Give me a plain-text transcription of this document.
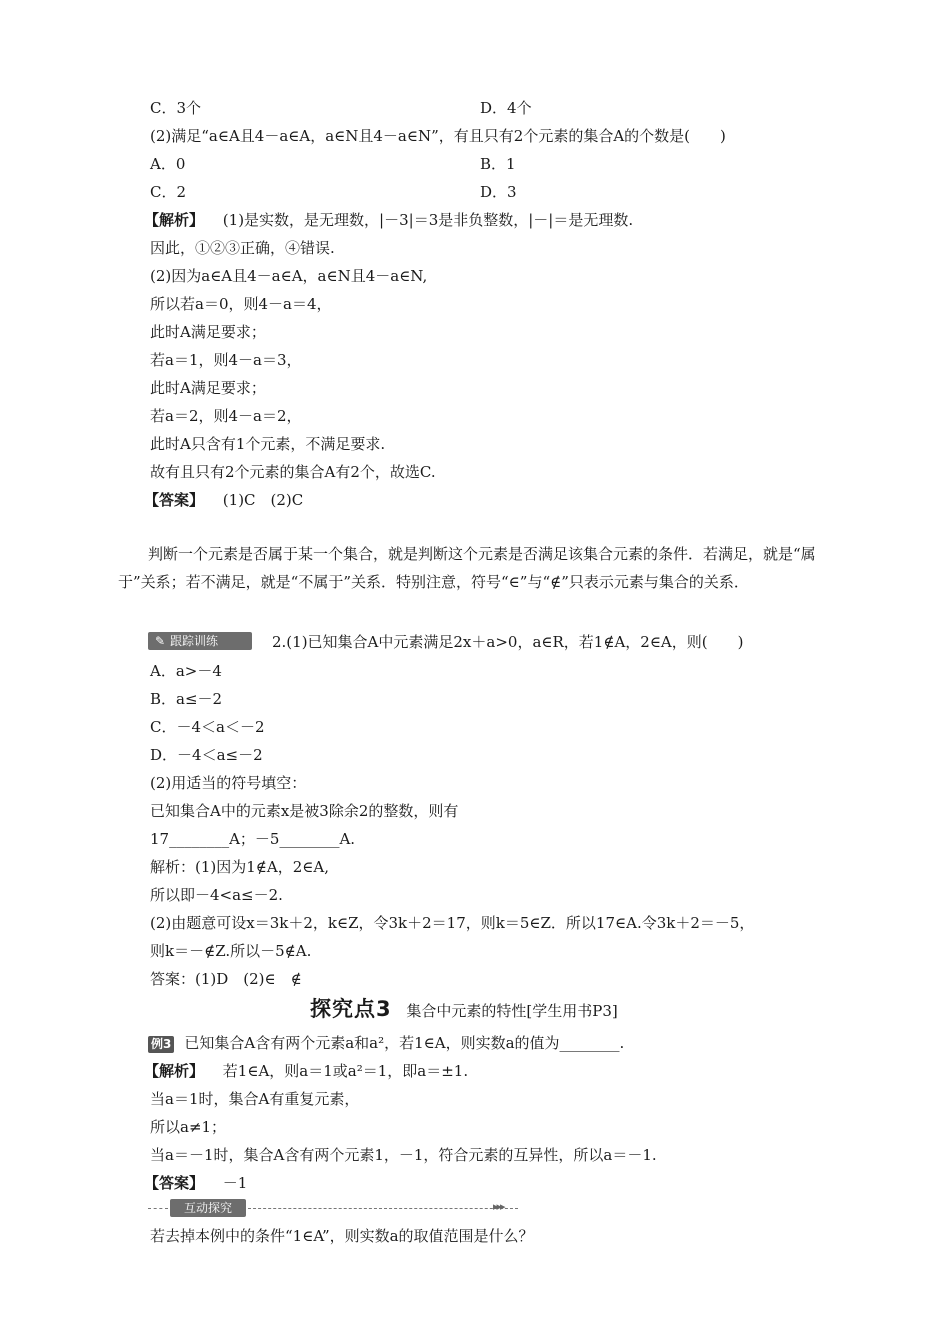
C．3个	D．4个
(2)满足“a∈A且4－a∈A，a∈N且4－a∈N”，有且只有2个元素的集合A的个数是(　　)
A．0	B．1
C．2	D．3
【解析】 (1)是实数，是无理数，|－3|＝3是非负整数，|－|＝是无理数.
因此，①②③正确，④错误.
(2)因为a∈A且4－a∈A，a∈N且4－a∈N,
所以若a＝0，则4－a＝4，
此时A满足要求；
若a＝1，则4－a＝3，
此时A满足要求；
若a＝2，则4－a＝2，
此时A只含有1个元素，不满足要求.
故有且只有2个元素的集合A有2个，故选C.
【答案】 (1)C　(2)C
判断一个元素是否属于某一个集合，就是判断这个元素是否满足该集合元素的条件．若满足，就是“属于”关系；若不满足，就是“不属于”关系．特别注意，符号“∈”与“∉”只表示元素与集合的关系．
✎ 跟踪训练	2.(1)已知集合A中元素满足2x＋a>0，a∈R，若1∉A，2∈A，则(　　)
A．a>－4
B．a≤－2
C．－4＜a＜－2
D．－4＜a≤－2
(2)用适当的符号填空：
已知集合A中的元素x是被3除余2的整数，则有
17________A；－5________A.
解析：(1)因为1∉A，2∈A,
所以即－4<a≤－2.
(2)由题意可设x＝3k＋2，k∈Z，令3k＋2＝17，则k＝5∈Z．所以17∈A.令3k＋2＝－5，
则k＝－∉Z.所以－5∉A.
答案：(1)D　(2)∈　∉
探究点3 集合中元素的特性[学生用书P3]
例3 已知集合A含有两个元素a和a²，若1∈A，则实数a的值为________.
【解析】 若1∈A，则a＝1或a²＝1，即a＝±1.
当a＝1时，集合A有重复元素，
所以a≠1；
当a＝－1时，集合A含有两个元素1，－1，符合元素的互异性，所以a＝－1.
【答案】 －1
互动探究	▸▸▸
若去掉本例中的条件“1∈A”，则实数a的取值范围是什么？
